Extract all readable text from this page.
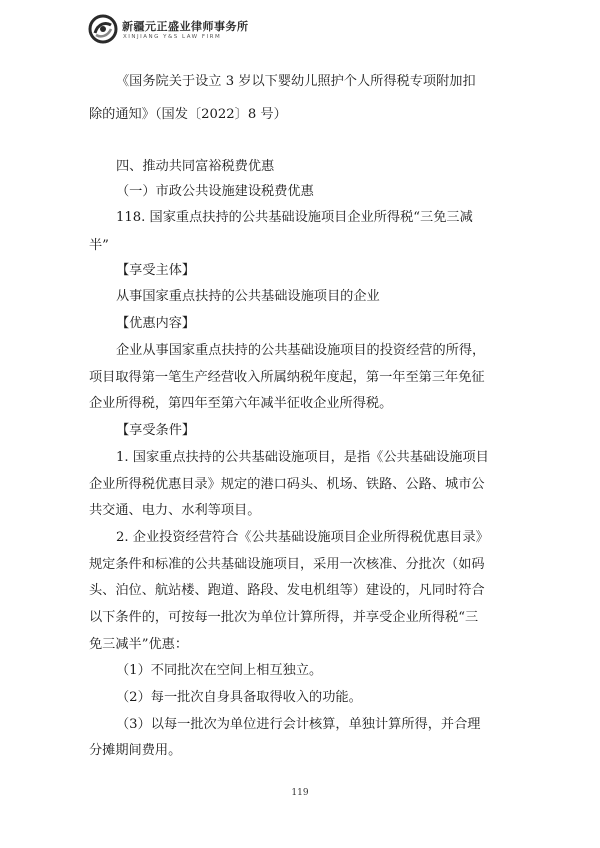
新疆元正盛业律师事务所
XINJIANG Y&S LAW FIRM
《国务院关于设立 3 岁以下婴幼儿照护个人所得税专项附加扣
除的通知》（国发〔2022〕8 号）
四、推动共同富裕税费优惠
（一）市政公共设施建设税费优惠
118. 国家重点扶持的公共基础设施项目企业所得税“三免三减
半”
【享受主体】
从事国家重点扶持的公共基础设施项目的企业
【优惠内容】
企业从事国家重点扶持的公共基础设施项目的投资经营的所得，
项目取得第一笔生产经营收入所属纳税年度起，第一年至第三年免征
企业所得税，第四年至第六年减半征收企业所得税。
【享受条件】
1. 国家重点扶持的公共基础设施项目，是指《公共基础设施项目
企业所得税优惠目录》规定的港口码头、机场、铁路、公路、城市公
共交通、电力、水利等项目。
2. 企业投资经营符合《公共基础设施项目企业所得税优惠目录》
规定条件和标准的公共基础设施项目，采用一次核准、分批次（如码
头、泊位、航站楼、跑道、路段、发电机组等）建设的，凡同时符合
以下条件的，可按每一批次为单位计算所得，并享受企业所得税“三
免三减半”优惠：
（1）不同批次在空间上相互独立。
（2）每一批次自身具备取得收入的功能。
（3）以每一批次为单位进行会计核算，单独计算所得，并合理
分摊期间费用。
119
